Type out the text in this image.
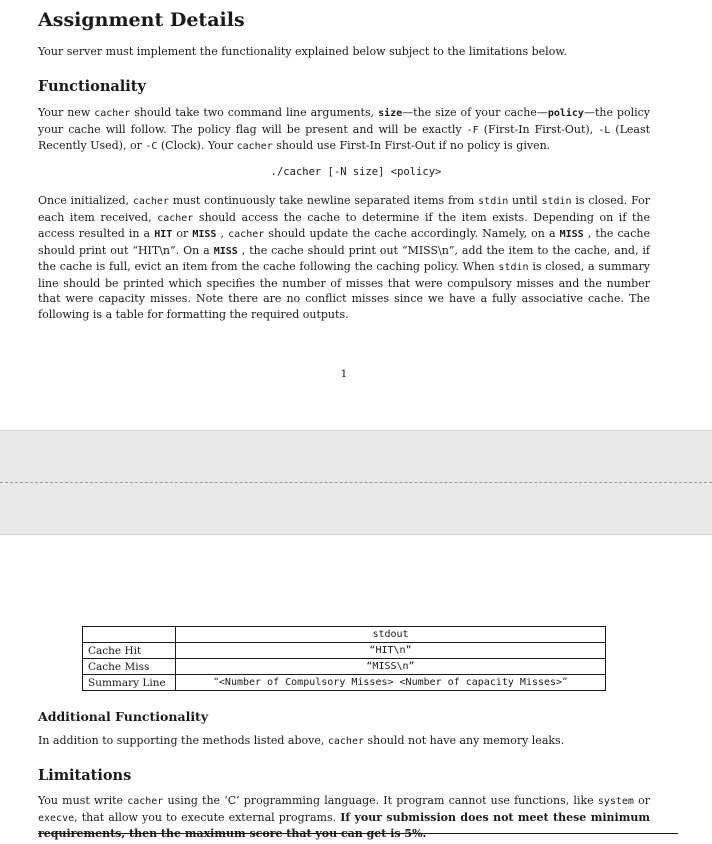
Assignment Details
Your server must implement the functionality explained below subject to the limitations below.
Functionality
Your new cacher should take two command line arguments, size—the size of your cache—policy—the policy your cache will follow. The policy flag will be present and will be exactly -F (First-In First-Out), -L (Least Recently Used), or -C (Clock). Your cacher should use First-In First-Out if no policy is given.
./cacher [-N size] <policy>
Once initialized, cacher must continuously take newline separated items from stdin until stdin is closed. For each item received, cacher should access the cache to determine if the item exists. Depending on if the access resulted in a HIT or MISS , cacher should update the cache accordingly. Namely, on a MISS , the cache should print out “HIT\n”. On a MISS , the cache should print out “MISS\n”, add the item to the cache, and, if the cache is full, evict an item from the cache following the caching policy. When stdin is closed, a summary line should be printed which specifies the number of misses that were compulsory misses and the number that were capacity misses. Note there are no conflict misses since we have a fully associative cache. The following is a table for formatting the required outputs.
1
	stdout
Cache Hit	“HIT\n”
Cache Miss	“MISS\n”
Summary Line	“<Number of Compulsory Misses> <Number of capacity Misses>”
Additional Functionality
In addition to supporting the methods listed above, cacher should not have any memory leaks.
Limitations
You must write cacher using the ‘C’ programming language. It program cannot use functions, like system or execve, that allow you to execute external programs. If your submission does not meet these minimum requirements, then the maximum score that you can get is 5%.
